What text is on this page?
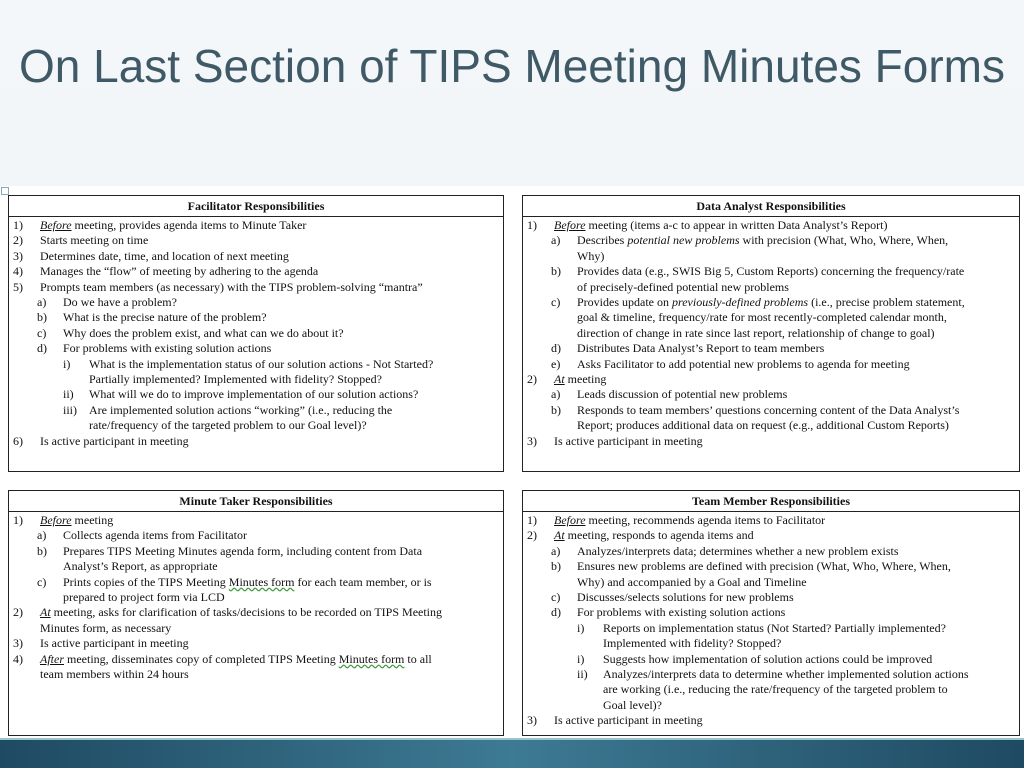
On Last Section of TIPS Meeting Minutes Forms
Facilitator Responsibilities
1) Before meeting, provides agenda items to Minute Taker
2) Starts meeting on time
3) Determines date, time, and location of next meeting
4) Manages the “flow” of meeting by adhering to the agenda
5) Prompts team members (as necessary) with the TIPS problem-solving “mantra”
a) Do we have a problem?
b) What is the precise nature of the problem?
c) Why does the problem exist, and what can we do about it?
d) For problems with existing solution actions
i) What is the implementation status of our solution actions - Not Started?
Partially implemented? Implemented with fidelity? Stopped?
ii) What will we do to improve implementation of our solution actions?
iii) Are implemented solution actions “working” (i.e., reducing the
rate/frequency of the targeted problem to our Goal level)?
6) Is active participant in meeting
Data Analyst Responsibilities
1) Before meeting (items a-c to appear in written Data Analyst’s Report)
a) Describes potential new problems with precision (What, Who, Where, When,
Why)
b) Provides data (e.g., SWIS Big 5, Custom Reports) concerning the frequency/rate
of precisely-defined potential new problems
c) Provides update on previously-defined problems (i.e., precise problem statement,
goal & timeline, frequency/rate for most recently-completed calendar month,
direction of change in rate since last report, relationship of change to goal)
d) Distributes Data Analyst’s Report to team members
e) Asks Facilitator to add potential new problems to agenda for meeting
2) At meeting
a) Leads discussion of potential new problems
b) Responds to team members’ questions concerning content of the Data Analyst’s
Report; produces additional data on request (e.g., additional Custom Reports)
3) Is active participant in meeting
Minute Taker Responsibilities
1) Before meeting
a) Collects agenda items from Facilitator
b) Prepares TIPS Meeting Minutes agenda form, including content from Data
Analyst’s Report, as appropriate
c) Prints copies of the TIPS Meeting Minutes form for each team member, or is
prepared to project form via LCD
2) At meeting, asks for clarification of tasks/decisions to be recorded on TIPS Meeting
Minutes form, as necessary
3) Is active participant in meeting
4) After meeting, disseminates copy of completed TIPS Meeting Minutes form to all
team members within 24 hours
Team Member Responsibilities
1) Before meeting, recommends agenda items to Facilitator
2) At meeting, responds to agenda items and
a) Analyzes/interprets data; determines whether a new problem exists
b) Ensures new problems are defined with precision (What, Who, Where, When,
Why) and accompanied by a Goal and Timeline
c) Discusses/selects solutions for new problems
d) For problems with existing solution actions
i) Reports on implementation status (Not Started? Partially implemented?
Implemented with fidelity? Stopped?
i) Suggests how implementation of solution actions could be improved
ii) Analyzes/interprets data to determine whether implemented solution actions
are working (i.e., reducing the rate/frequency of the targeted problem to
Goal level)?
3) Is active participant in meeting
